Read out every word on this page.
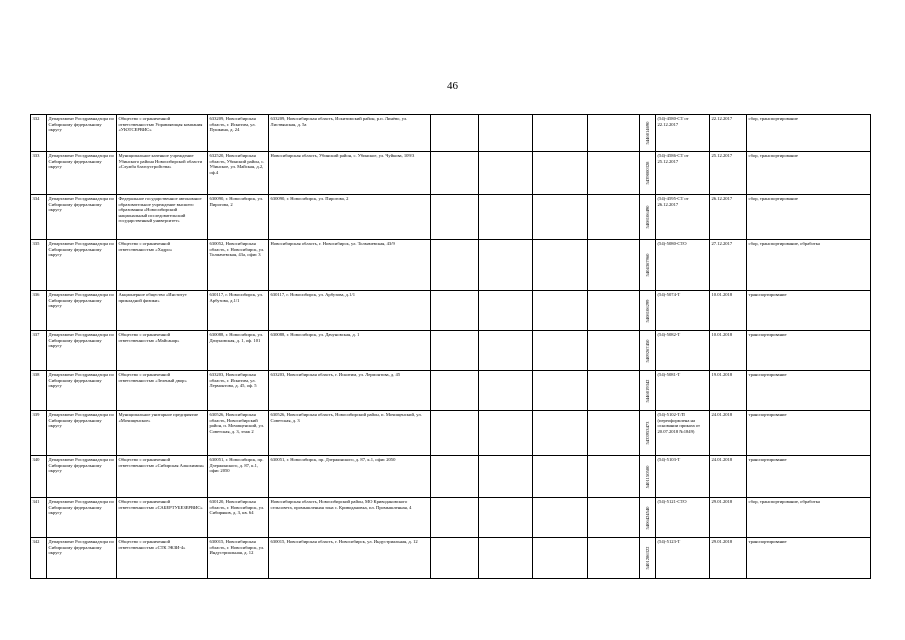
46
332	Департамент Росздравнадзора по Сибирскому федеральному округу	Общество с ограниченной ответственностью Управляющая компания «УЮТСЕРВИС»	633209, Новосибирская область, г. Искитим, ул. Пушкина, д. 24	633209, Новосибирская область, Искитимский район, р.п. Линёво, ул. Листвянская, д. 5а					5446014690	(54)-4580-СТ от 22.12.2017	22.12.2017	сбор, транспортирование
333	Департамент Росздравнадзора по Сибирскому федеральному округу	Муниципальное казенное учреждение Убинского района Новосибирской области «Служба благоустройства»	632520, Новосибирская область, Убинский район, с. Убинское, ул. Майская, д.2, оф.4	Новосибирская область, Убинский район, с. Убинское, ул. Чуйкова, 109/3					5439000328	(54)-4586-СТ от 25.12.2017	25.12.2017	сбор, транспортирование
334	Департамент Росздравнадзора по Сибирскому федеральному округу	Федеральное государственное автономное образовательное учреждение высшего образования «Новосибирский национальный исследовательский государственный университет»	630090, г. Новосибирск, ул. Пирогова, 2	630090, г. Новосибирск, ул. Пирогова, 2					5408106490	(54)-4595-СТ от 26.12.2017	26.12.2017	сбор, транспортирование
335	Департамент Росздравнадзора по Сибирскому федеральному округу	Общество с ограниченной ответственностью «Хадро»	630052, Новосибирская область, г. Новосибирск, ул. Толмачевская, 43а, офис 3	Новосибирская область, г. Новосибирск, ул. Толмачевская, 43/9					5404367960	(54)-5080-СТО	27.12.2017	сбор, транспортирование, обработка
336	Департамент Росздравнадзора по Сибирскому федеральному округу	Акционерное общество «Институт прикладной физики»	630117, г. Новосибирск, ул. Арбузова, д.1/1	630117, г. Новосибирск, ул. Арбузова, д.1/1					5408106299	(54)-5074-Т	10.01.2018	транспортирование
337	Департамент Росздравнадзора по Сибирскому федеральному округу	Общество с ограниченной ответственностью «Майсанар»	630088, г. Новосибирск, ул. Дачуновская, д. 1, оф. 101	630088, г. Новосибирск, ул. Дачуновская, д. 1					5409267450	(54)-5082-Т	10.01.2018	транспортирование
338	Департамент Росздравнадзора по Сибирскому федеральному округу	Общество с ограниченной ответственностью «Зеленый двор»	633203, Новосибирская область, г. Искитим, ул. Лермонтова, д. 45, оф. 5	633203, Новосибирская область, г. Искитим, ул. Лермонтова, д. 45					5446019342	(54)-5081-Т	19.01.2018	транспортирование
339	Департамент Росздравнадзора по Сибирскому федеральному округу	Муниципальное унитарное предприятие «Мочищенское»	630526, Новосибирская область, Новосибирский район, п. Мочищенский, ул. Советская, д. 3, этаж 2	630526, Новосибирская область, Новосибирский район, п. Мочищенский, ул. Советская, д. 3					5433953473	(54)-5102-Т/П (переоформлена на основании приказа от 20.07.2018 №1849)	24.01.2018	транспортирование
340	Департамент Росздравнадзора по Сибирскому федеральному округу	Общество с ограниченной ответственностью «Сибирская Алкохимия»	630051, г. Новосибирск, пр. Дзержинского, д. 87, к.1, офис 2050	630051, г. Новосибирск, пр. Дзержинского, д. 87, к.1, офис 2050					5401150580	(54)-5103-Т	24.01.2018	транспортирование
341	Департамент Росздравнадзора по Сибирскому федеральному округу	Общество с ограниченной ответственностью «САБЕРТУБЕЗЕРВИС»	630120, Новосибирская область, г. Новосибирск, ул. Сибиряков, д. 3, кв. 64	Новосибирская область, Новосибирский район, МО Криводановского сельсовета, промышленная зона с. Криводановка, пл. Промышленная, 4					5406424540	(54)-5121-СТО	29.01.2018	сбор, транспортирование, обработка
342	Департамент Росздравнадзора по Сибирскому федеральному округу	Общество с ограниченной ответственностью «СТК ЭКЗИ-4»	630015, Новосибирская область, г. Новосибирск, ул. Индустриальная, д. 12	630015, Новосибирская область, г. Новосибирск, ул. Индустриальная, д. 12					5401286322	(54)-5123-Т	29.01.2018	транспортирование
